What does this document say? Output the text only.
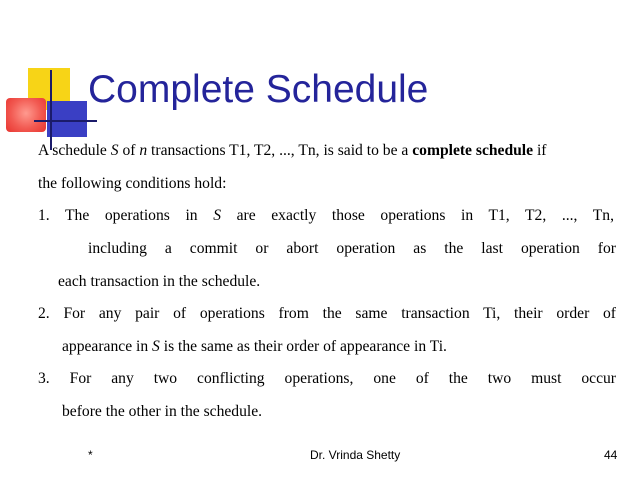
Complete Schedule
A schedule S of n transactions T1, T2, ..., Tn, is said to be a complete schedule if
the following conditions hold:
1. The operations in S are exactly those operations in T1, T2, ..., Tn,
including a commit or abort operation as the last operation for
each transaction in the schedule.
2. For any pair of operations from the same transaction Ti, their order of
appearance in S is the same as their order of appearance in Ti.
3. For any two conflicting operations, one of the two must occur
before the other in the schedule.
*	Dr. Vrinda Shetty	44
